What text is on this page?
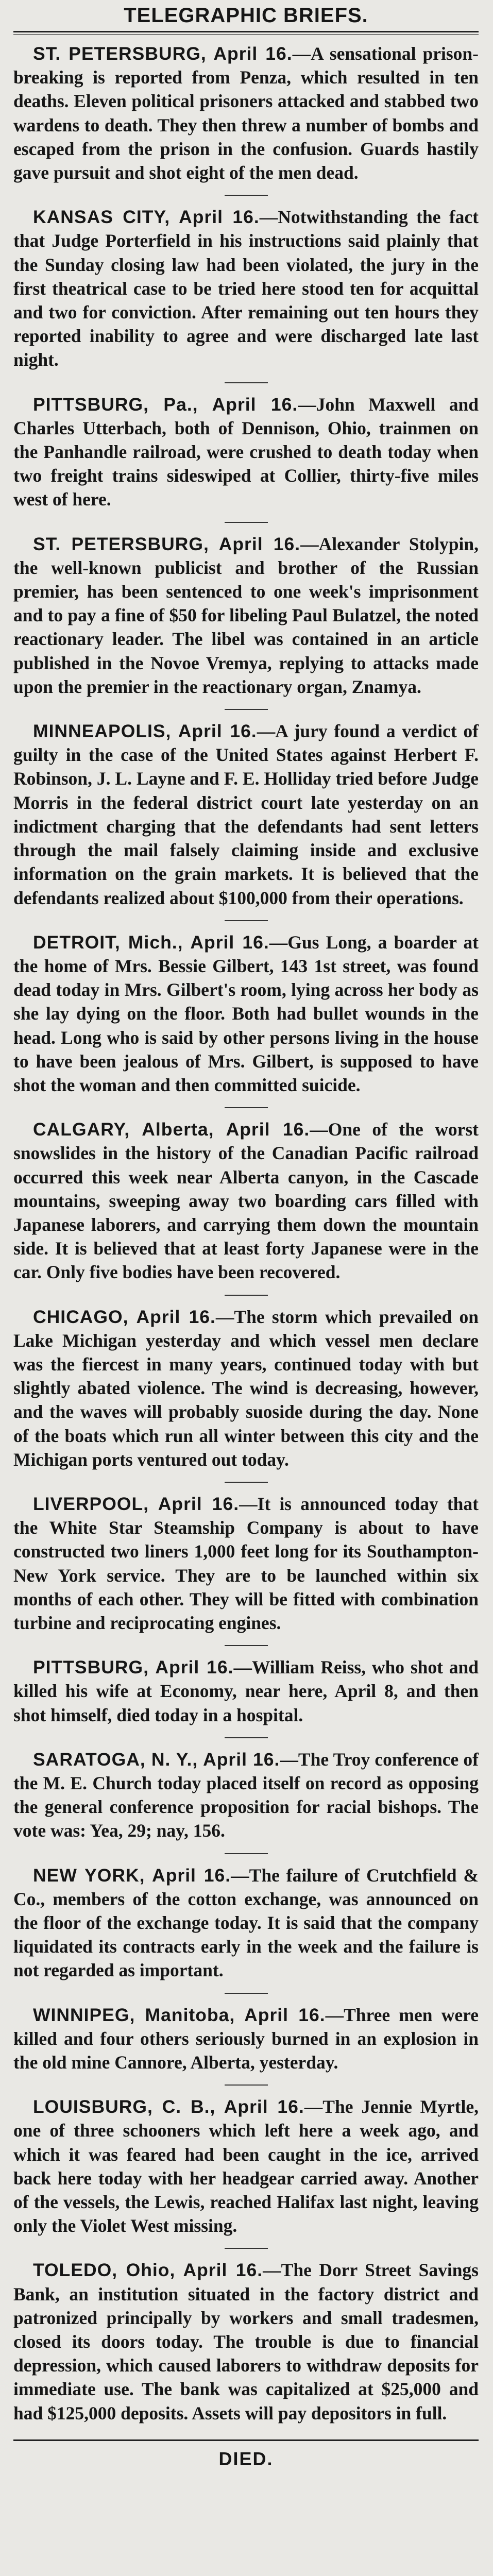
TELEGRAPHIC BRIEFS.

ST. PETERSBURG, April 16.—A sensational prison-breaking is reported from Penza, which resulted in ten deaths. Eleven political prisoners attacked and stabbed two wardens to death. They then threw a number of bombs and escaped from the prison in the confusion. Guards hastily gave pursuit and shot eight of the men dead.

KANSAS CITY, April 16.—Notwithstanding the fact that Judge Porterfield in his instructions said plainly that the Sunday closing law had been violated, the jury in the first theatrical case to be tried here stood ten for acquittal and two for conviction. After remaining out ten hours they reported inability to agree and were discharged late last night.

PITTSBURG, Pa., April 16.—John Maxwell and Charles Utterbach, both of Dennison, Ohio, trainmen on the Panhandle railroad, were crushed to death today when two freight trains sideswiped at Collier, thirty-five miles west of here.

ST. PETERSBURG, April 16.—Alexander Stolypin, the well-known publicist and brother of the Russian premier, has been sentenced to one week's imprisonment and to pay a fine of $50 for libeling Paul Bulatzel, the noted reactionary leader. The libel was contained in an article published in the Novoe Vremya, replying to attacks made upon the premier in the reactionary organ, Znamya.

MINNEAPOLIS, April 16.—A jury found a verdict of guilty in the case of the United States against Herbert F. Robinson, J. L. Layne and F. E. Holliday tried before Judge Morris in the federal district court late yesterday on an indictment charging that the defendants had sent letters through the mail falsely claiming inside and exclusive information on the grain markets. It is believed that the defendants realized about $100,000 from their operations.

DETROIT, Mich., April 16.—Gus Long, a boarder at the home of Mrs. Bessie Gilbert, 143 1st street, was found dead today in Mrs. Gilbert's room, lying across her body as she lay dying on the floor. Both had bullet wounds in the head. Long who is said by other persons living in the house to have been jealous of Mrs. Gilbert, is supposed to have shot the woman and then committed suicide.

CALGARY, Alberta, April 16.—One of the worst snowslides in the history of the Canadian Pacific railroad occurred this week near Alberta canyon, in the Cascade mountains, sweeping away two boarding cars filled with Japanese laborers, and carrying them down the mountain side. It is believed that at least forty Japanese were in the car. Only five bodies have been recovered.

CHICAGO, April 16.—The storm which prevailed on Lake Michigan yesterday and which vessel men declare was the fiercest in many years, continued today with but slightly abated violence. The wind is decreasing, however, and the waves will probably suoside during the day. None of the boats which run all winter between this city and the Michigan ports ventured out today.

LIVERPOOL, April 16.—It is announced today that the White Star Steamship Company is about to have constructed two liners 1,000 feet long for its Southampton-New York service. They are to be launched within six months of each other. They will be fitted with combination turbine and reciprocating engines.

PITTSBURG, April 16.—William Reiss, who shot and killed his wife at Economy, near here, April 8, and then shot himself, died today in a hospital.

SARATOGA, N. Y., April 16.—The Troy conference of the M. E. Church today placed itself on record as opposing the general conference proposition for racial bishops. The vote was: Yea, 29; nay, 156.

NEW YORK, April 16.—The failure of Crutchfield & Co., members of the cotton exchange, was announced on the floor of the exchange today. It is said that the company liquidated its contracts early in the week and the failure is not regarded as important.

WINNIPEG, Manitoba, April 16.—Three men were killed and four others seriously burned in an explosion in the old mine Cannore, Alberta, yesterday.

LOUISBURG, C. B., April 16.—The Jennie Myrtle, one of three schooners which left here a week ago, and which it was feared had been caught in the ice, arrived back here today with her headgear carried away. Another of the vessels, the Lewis, reached Halifax last night, leaving only the Violet West missing.

TOLEDO, Ohio, April 16.—The Dorr Street Savings Bank, an institution situated in the factory district and patronized principally by workers and small tradesmen, closed its doors today. The trouble is due to financial depression, which caused laborers to withdraw deposits for immediate use. The bank was capitalized at $25,000 and had $125,000 deposits. Assets will pay depositors in full.

DIED.
